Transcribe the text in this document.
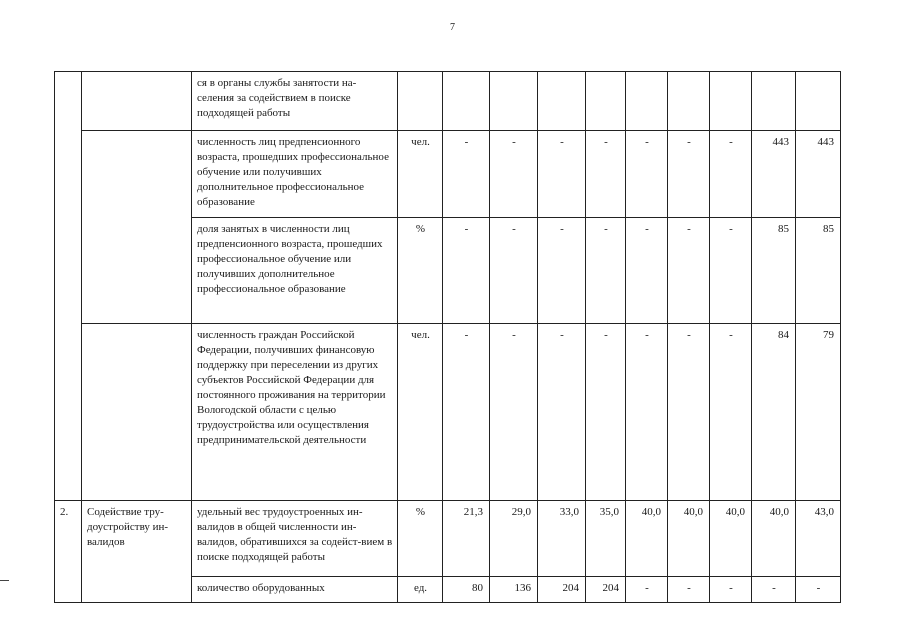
7
		ся в органы службы занятости на-селения за содействием в поиске подходящей работы										
		численность лиц предпенсионного возраста, прошедших профессиональное обучение или получивших дополнительное профессиональное образование	чел.	-	-	-	-	-	-	-	443	443
		доля занятых в численности лиц предпенсионного возраста, прошедших профессиональное обучение или получивших дополнительное профессиональное образование	%	-	-	-	-	-	-	-	85	85
		численность граждан Российской Федерации, получивших финансовую поддержку при переселении из других субъектов Российской Федерации для постоянного проживания на территории Вологодской области с целью трудоустройства или осуществления предпринимательской деятельности	чел.	-	-	-	-	-	-	-	84	79
2.	Содействие тру-доустройству ин-валидов	удельный вес трудоустроенных ин-валидов в общей численности ин-валидов, обратившихся за содейст-вием в поиске подходящей работы	%	21,3	29,0	33,0	35,0	40,0	40,0	40,0	40,0	43,0
		количество оборудованных	ед.	80	136	204	204	-	-	-	-	-
